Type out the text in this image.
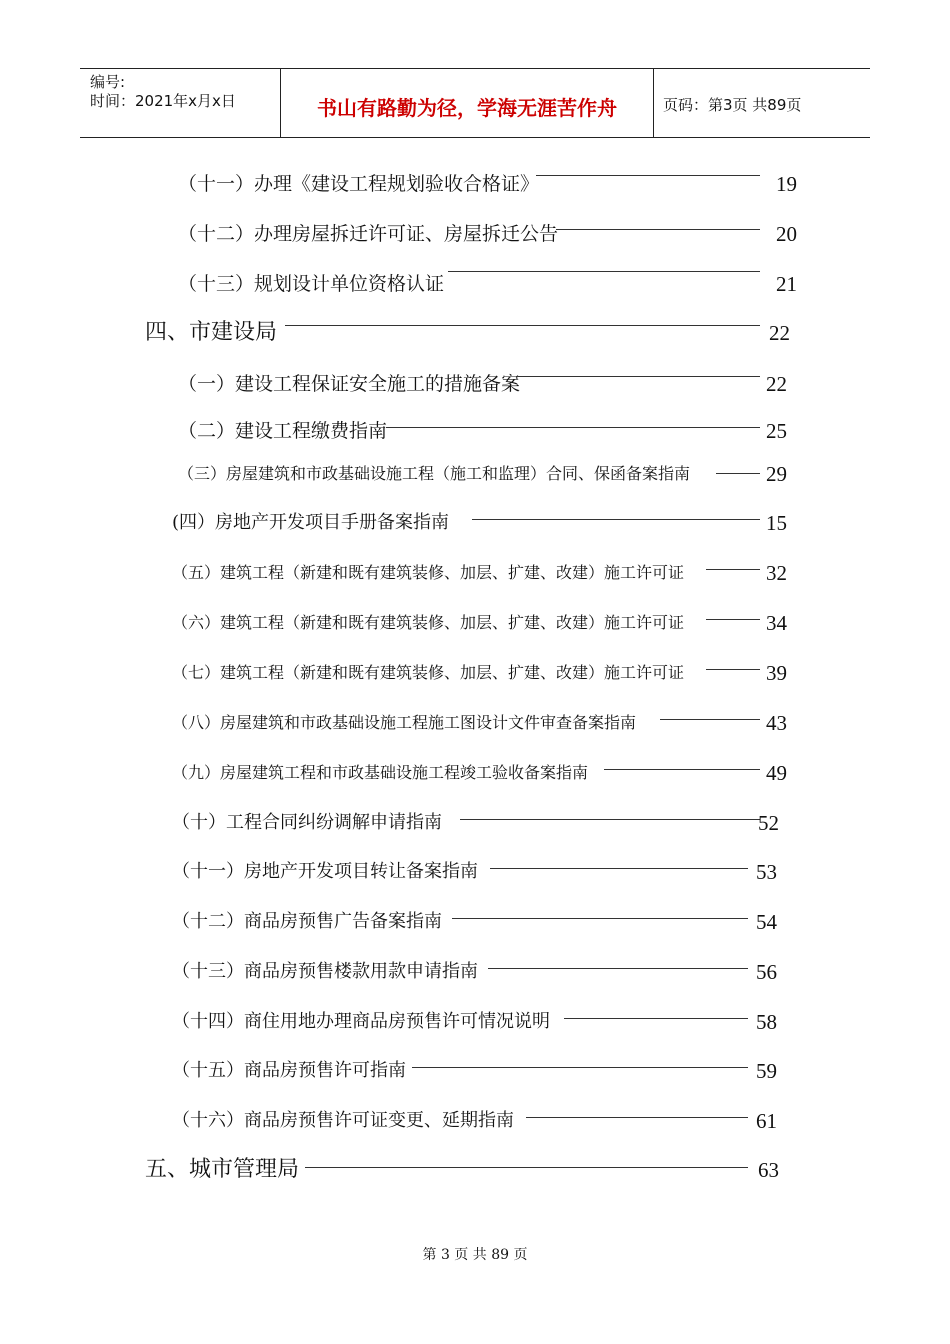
编号:
时间：2021年x月x日	书山有路勤为径，学海无涯苦作舟	页码：第3页 共89页
（十一）办理《建设工程规划验收合格证》	19
（十二）办理房屋拆迁许可证、房屋拆迁公告	20
（十三）规划设计单位资格认证	21
四、市建设局	22
（一）建设工程保证安全施工的措施备案	22
（二）建设工程缴费指南	25
（三）房屋建筑和市政基础设施工程（施工和监理）合同、保函备案指南	29
(四）房地产开发项目手册备案指南	15
（五）建筑工程（新建和既有建筑装修、加层、扩建、改建）施工许可证	32
（六）建筑工程（新建和既有建筑装修、加层、扩建、改建）施工许可证	34
（七）建筑工程（新建和既有建筑装修、加层、扩建、改建）施工许可证	39
（八）房屋建筑和市政基础设施工程施工图设计文件审查备案指南	43
（九）房屋建筑工程和市政基础设施工程竣工验收备案指南	49
（十）工程合同纠纷调解申请指南	52
（十一）房地产开发项目转让备案指南	53
（十二）商品房预售广告备案指南	54
（十三）商品房预售楼款用款申请指南	56
（十四）商住用地办理商品房预售许可情况说明	58
（十五）商品房预售许可指南	59
（十六）商品房预售许可证变更、延期指南	61
五、城市管理局	63
第 3 页 共 89 页
